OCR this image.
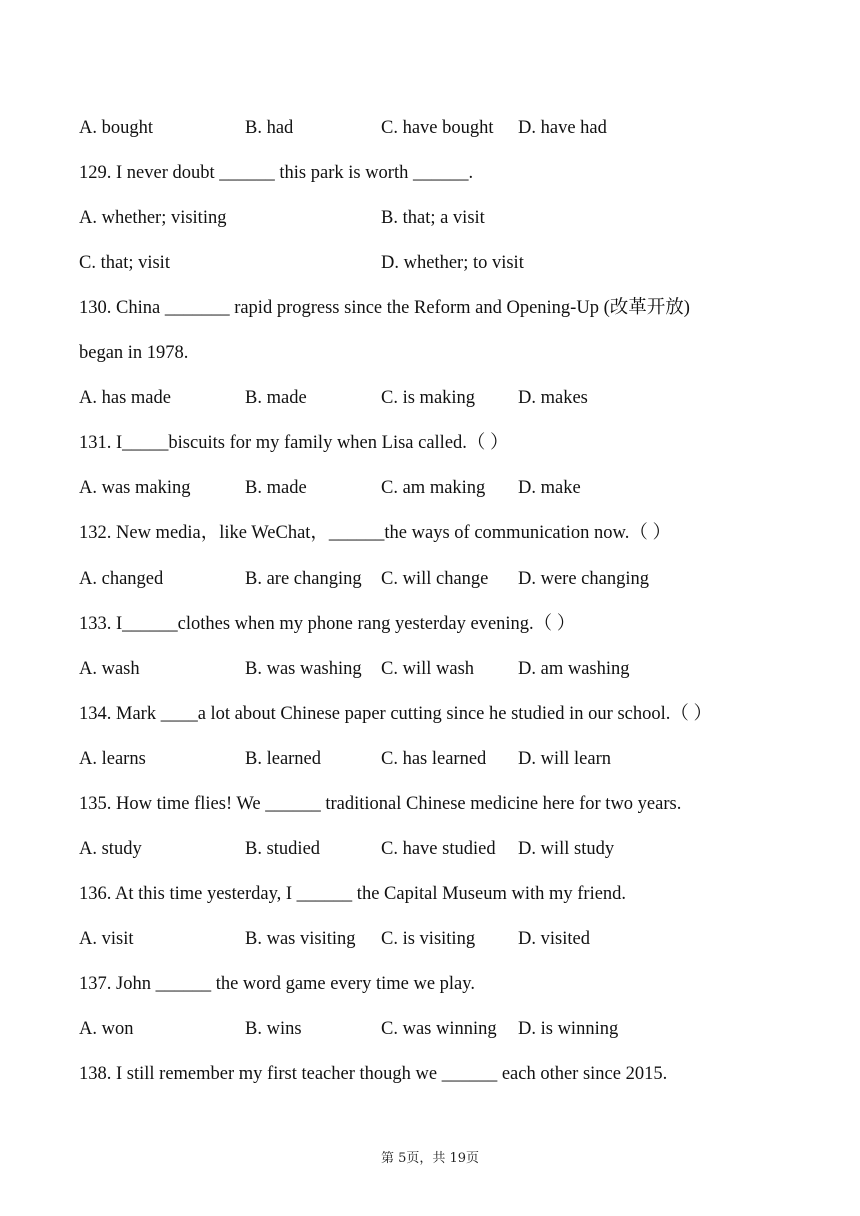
A. bought	B. had	C. have bought D. have had
129. I never doubt ______ this park is worth ______.
A. whether; visiting	B. that; a visit
C. that; visit	D. whether; to visit
130. China _______ rapid progress since the Reform and Opening-Up (改革开放)
began in 1978.
A. has made	B. made	C. is making D. makes
131. I_____biscuits for my family when Lisa called.（ ）
A. was making	B. made	C. am making D. make
132. New media，like WeChat，______the ways of communication now.（ ）
A. changed	B. are changing C. will change D. were changing
133. I______clothes when my phone rang yesterday evening.（ ）
A. wash	B. was washing C. will wash D. am washing
134. Mark ____a lot about Chinese paper cutting since he studied in our school.（ ）
A. learns	B. learned	C. has learned D. will learn
135. How time flies! We ______ traditional Chinese medicine here for two years.
A. study	B. studied	C. have studied D. will study
136. At this time yesterday, I ______ the Capital Museum with my friend.
A. visit	B. was visiting C. is visiting D. visited
137. John ______ the word game every time we play.
A. won	B. wins	C. was winning D. is winning
138. I still remember my first teacher though we ______ each other since 2015.
第 5页，共 19页
